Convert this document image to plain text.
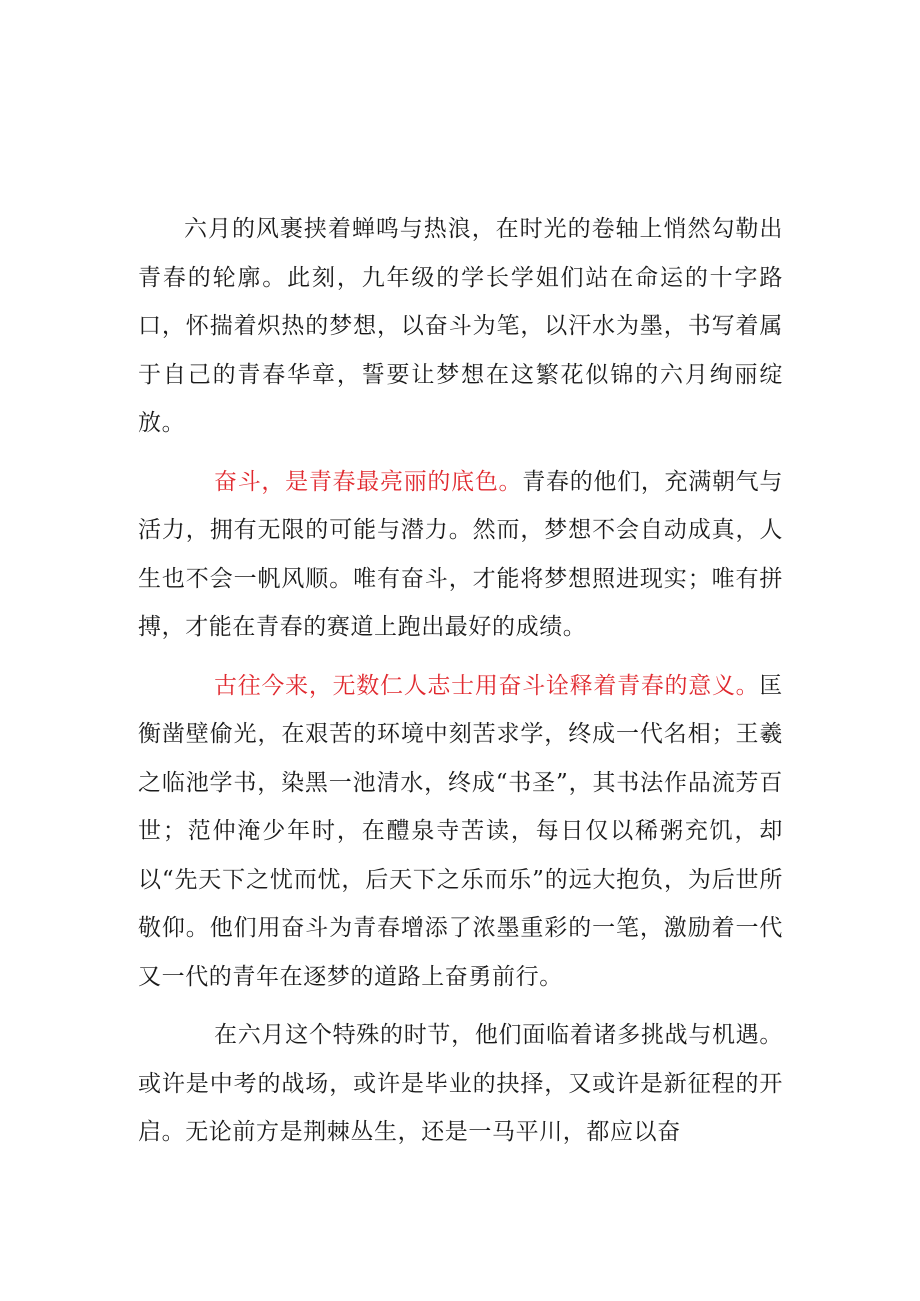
六月的风裹挟着蝉鸣与热浪，在时光的卷轴上悄然勾勒出青春的轮廓。此刻，九年级的学长学姐们站在命运的十字路口，怀揣着炽热的梦想，以奋斗为笔，以汗水为墨，书写着属于自己的青春华章，誓要让梦想在这繁花似锦的六月绚丽绽放。

奋斗，是青春最亮丽的底色。青春的他们，充满朝气与活力，拥有无限的可能与潜力。然而，梦想不会自动成真，人生也不会一帆风顺。唯有奋斗，才能将梦想照进现实；唯有拼搏，才能在青春的赛道上跑出最好的成绩。

古往今来，无数仁人志士用奋斗诠释着青春的意义。匡衡凿壁偷光，在艰苦的环境中刻苦求学，终成一代名相；王羲之临池学书，染黑一池清水，终成“书圣”，其书法作品流芳百世；范仲淹少年时，在醴泉寺苦读，每日仅以稀粥充饥，却以“先天下之忧而忧，后天下之乐而乐”的远大抱负，为后世所敬仰。他们用奋斗为青春增添了浓墨重彩的一笔，激励着一代又一代的青年在逐梦的道路上奋勇前行。

在六月这个特殊的时节，他们面临着诸多挑战与机遇。或许是中考的战场，或许是毕业的抉择，又或许是新征程的开启。无论前方是荆棘丛生，还是一马平川，都应以奋
